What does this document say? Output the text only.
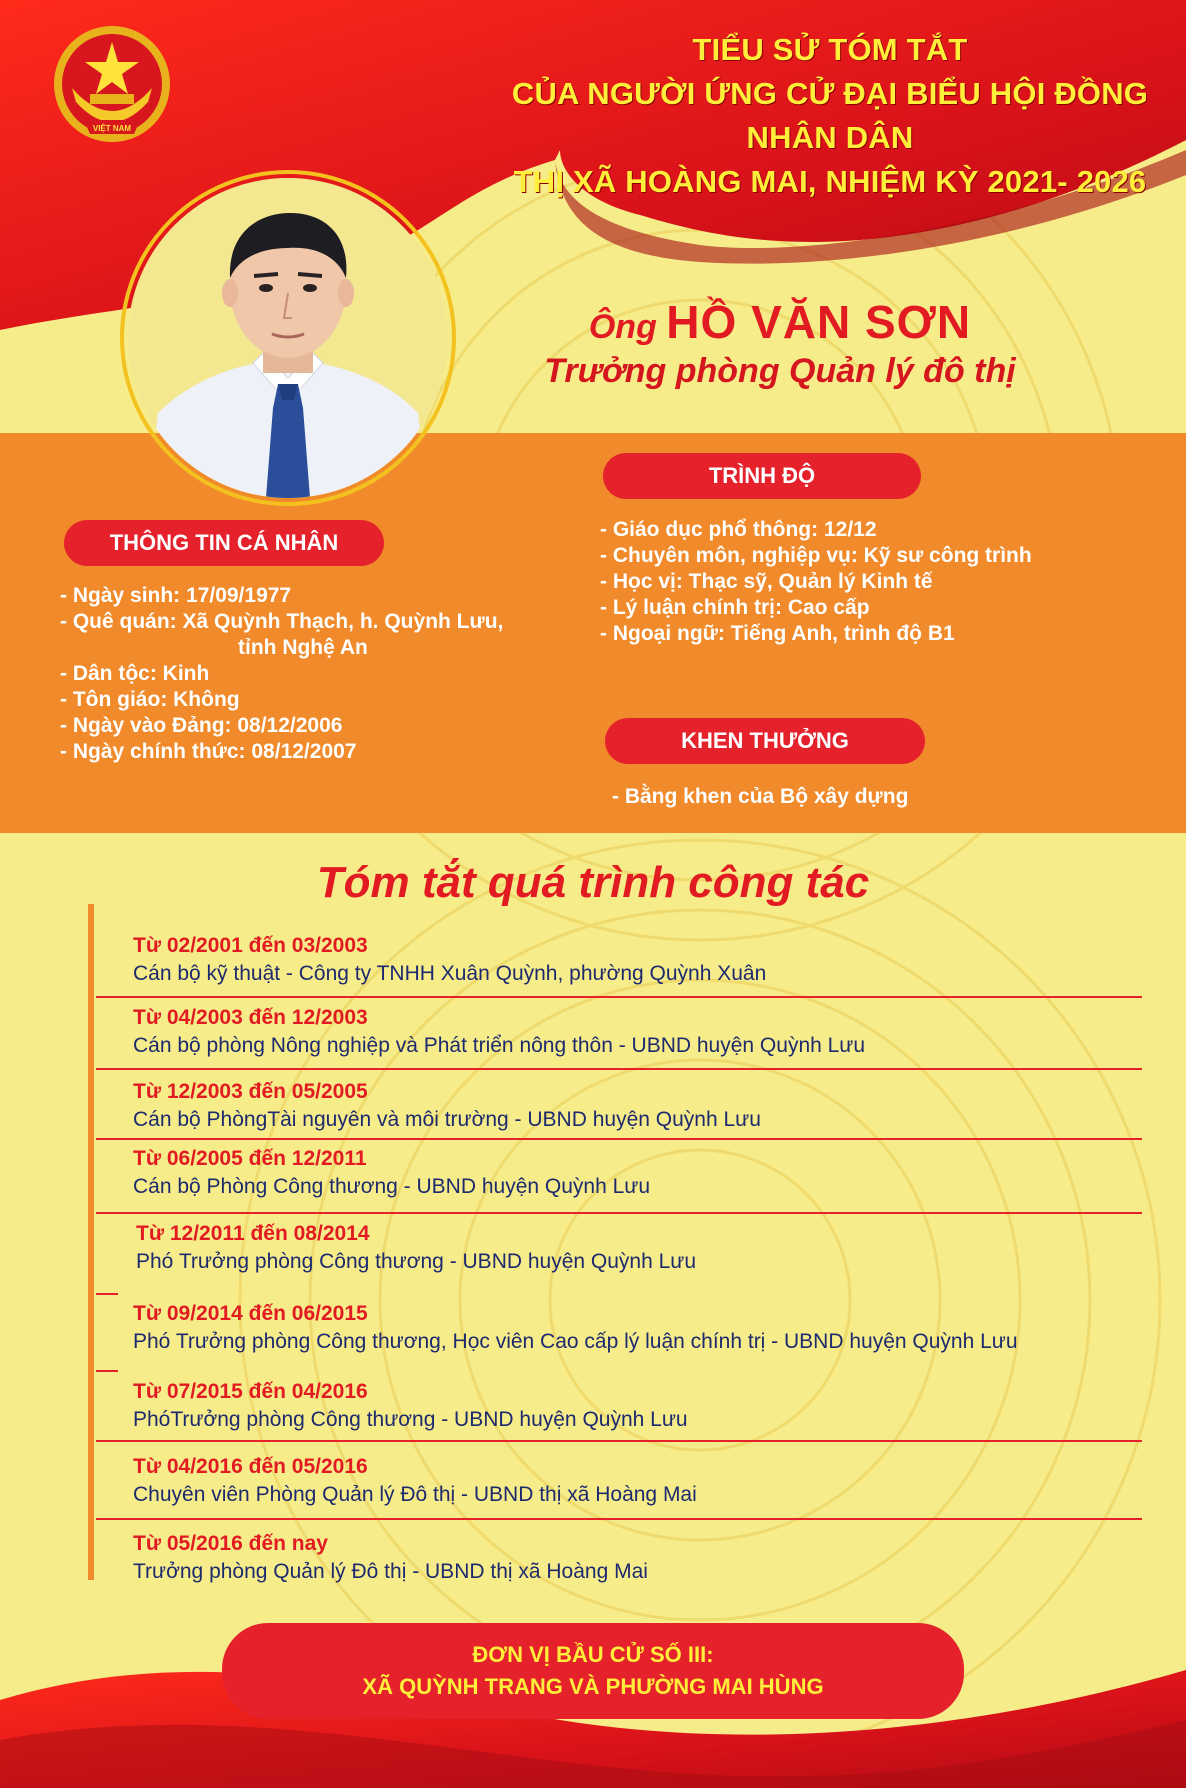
VIỆT NAM
TIỂU SỬ TÓM TẮT
CỦA NGƯỜI ỨNG CỬ ĐẠI BIỂU HỘI ĐỒNG NHÂN DÂN
THỊ XÃ HOÀNG MAI, NHIỆM KỲ 2021- 2026
Ông HỒ VĂN SƠN
Trưởng phòng Quản lý đô thị
THÔNG TIN CÁ NHÂN
- Ngày sinh: 17/09/1977
- Quê quán: Xã Quỳnh Thạch, h. Quỳnh Lưu,
tỉnh Nghệ An
- Dân tộc: Kinh
- Tôn giáo: Không
- Ngày vào Đảng: 08/12/2006
- Ngày chính thức: 08/12/2007
TRÌNH ĐỘ
- Giáo dục phổ thông: 12/12
- Chuyên môn, nghiệp vụ: Kỹ sư công trình
- Học vị: Thạc sỹ, Quản lý Kinh tế
- Lý luận chính trị: Cao cấp
- Ngoại ngữ: Tiếng Anh, trình độ B1
KHEN THƯỞNG
- Bằng khen của Bộ xây dựng
Tóm tắt quá trình công tác
Từ 02/2001 đến 03/2003
Cán bộ kỹ thuật - Công ty TNHH Xuân Quỳnh, phường Quỳnh Xuân
Từ 04/2003 đến 12/2003
Cán bộ phòng Nông nghiệp và Phát triển nông thôn - UBND huyện Quỳnh Lưu
Từ 12/2003 đến 05/2005
Cán bộ PhòngTài nguyên và môi trường - UBND huyện Quỳnh Lưu
Từ 06/2005 đến 12/2011
Cán bộ Phòng Công thương - UBND huyện Quỳnh Lưu
Từ 12/2011 đến 08/2014
Phó Trưởng phòng Công thương - UBND huyện Quỳnh Lưu
Từ 09/2014 đến 06/2015
Phó Trưởng phòng Công thương, Học viên Cao cấp lý luận chính trị - UBND huyện Quỳnh Lưu
Từ 07/2015 đến 04/2016
PhóTrưởng phòng Công thương - UBND huyện Quỳnh Lưu
Từ 04/2016 đến 05/2016
Chuyên viên Phòng Quản lý Đô thị - UBND thị xã Hoàng Mai
Từ 05/2016 đến nay
Trưởng phòng Quản lý Đô thị - UBND thị xã Hoàng Mai
ĐƠN VỊ BẦU CỬ SỐ III:
XÃ QUỲNH TRANG VÀ PHƯỜNG MAI HÙNG
